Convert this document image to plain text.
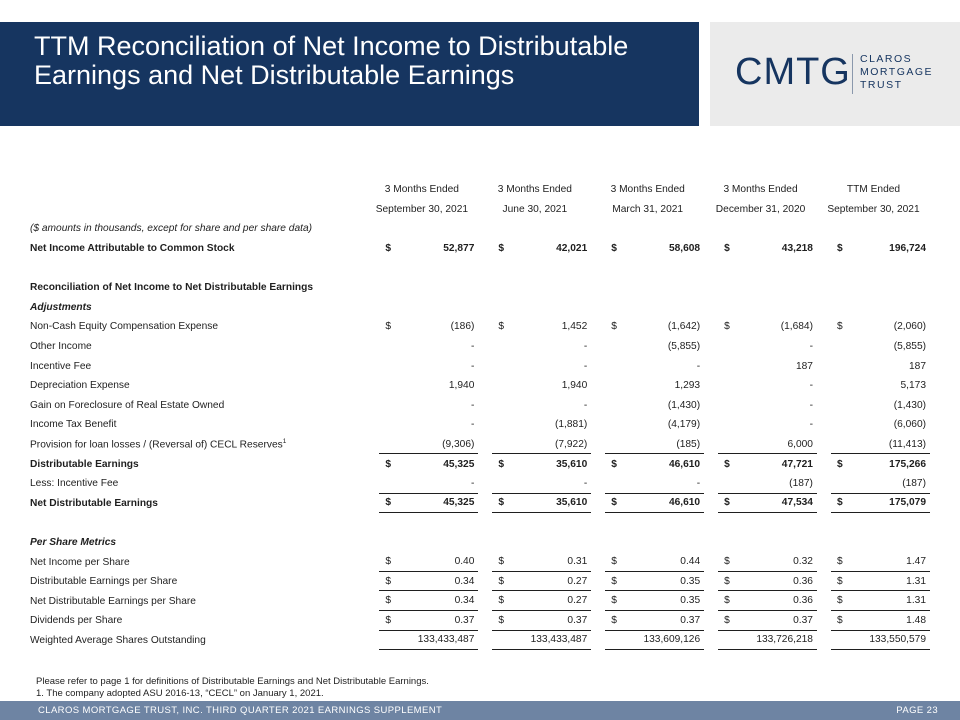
TTM Reconciliation of Net Income to Distributable Earnings and Net Distributable Earnings	CMTG CLAROS
MORTGAGE
TRUST
	3 Months Ended	3 Months Ended	3 Months Ended	3 Months Ended	TTM Ended
	September 30, 2021	June 30, 2021	March 31, 2021	December 31, 2020	September 30, 2021
($ amounts in thousands, except for share and per share data)					
Net Income Attributable to Common Stock	$ 52,877	$ 42,021	$ 58,608	$ 43,218	$ 196,724

Reconciliation of Net Income to Net Distributable Earnings					
Adjustments					
Non-Cash Equity Compensation Expense	$ (186)	$ 1,452	$ (1,642)	$ (1,684)	$ (2,060)

Other Income	-	-	(5,855)	-	(5,855)

Incentive Fee	-	-	-	187	187

Depreciation Expense	1,940	1,940	1,293	-	5,173

Gain on Foreclosure of Real Estate Owned	-	-	(1,430)	-	(1,430)

Income Tax Benefit	-	(1,881)	(4,179)	-	(6,060)

Provision for loan losses / (Reversal of) CECL Reserves$^1$	(9,306)	(7,922)	(185)	6,000	(11,413)

Distributable Earnings	$ 45,325	$ 35,610	$ 46,610	$ 47,721	$ 175,266

Less: Incentive Fee	-	-	-	(187)	(187)

Net Distributable Earnings	$ 45,325	$ 35,610	$ 46,610	$ 47,534	$ 175,079

Per Share Metrics					
Net Income per Share	$ 0.40	$ 0.31	$ 0.44	$ 0.32	$ 1.47

Distributable Earnings per Share	$ 0.34	$ 0.27	$ 0.35	$ 0.36	$ 1.31

Net Distributable Earnings per Share	$ 0.34	$ 0.27	$ 0.35	$ 0.36	$ 1.31

Dividends per Share	$ 0.37	$ 0.37	$ 0.37	$ 0.37	$ 1.48

Weighted Average Shares Outstanding	133,433,487	133,433,487	133,609,126	133,726,218	133,550,579
Please refer to page 1 for definitions of Distributable Earnings and Net Distributable Earnings.
1. The company adopted ASU 2016-13, “CECL” on January 1, 2021.
CLAROS MORTGAGE TRUST, INC. THIRD QUARTER 2021 EARNINGS SUPPLEMENT	PAGE 23
